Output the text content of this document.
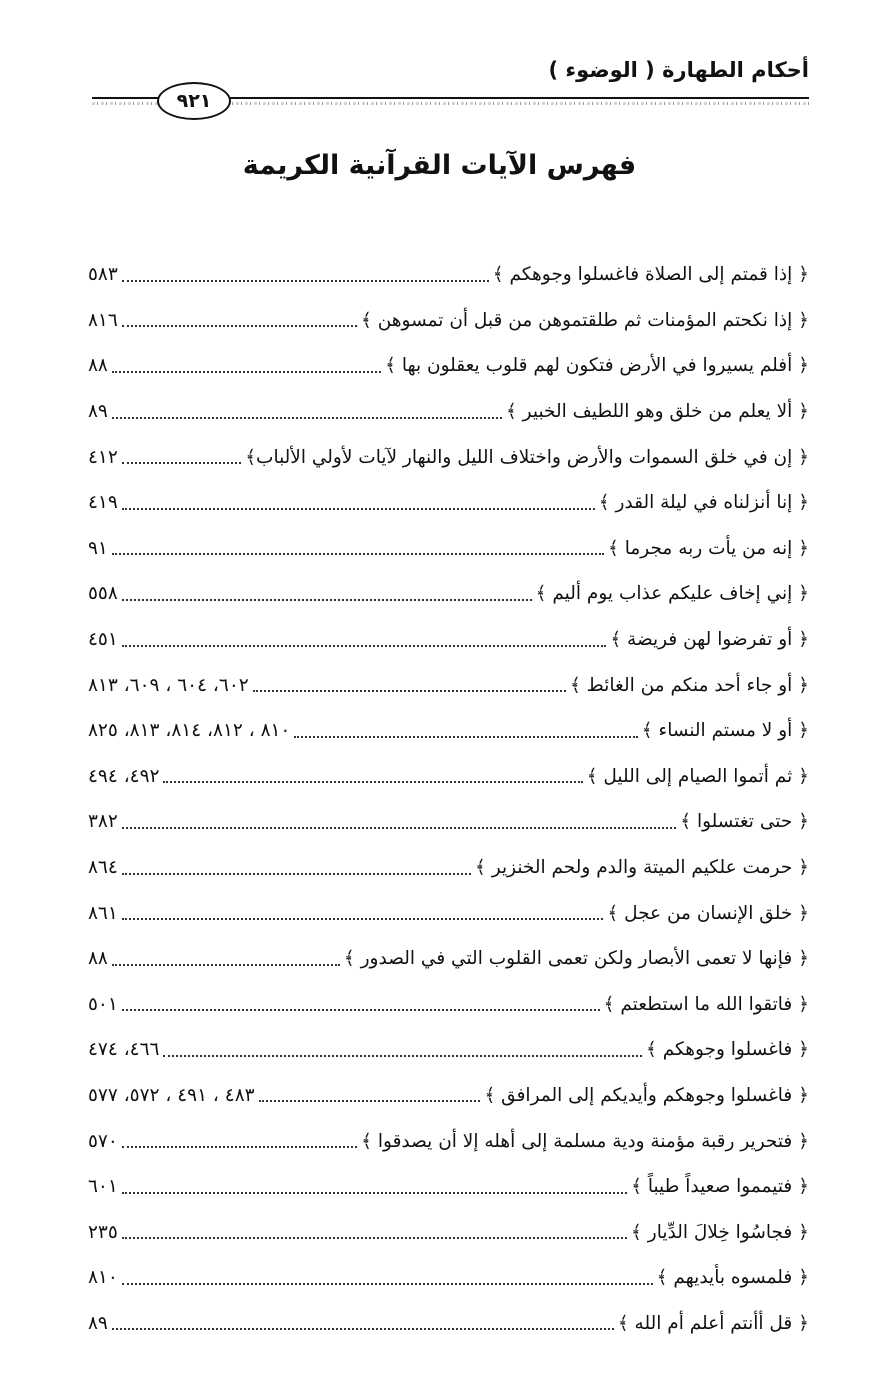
أحكام الطهارة ( الوضوء )
٩٢١
فهرس الآيات القرآنية الكريمة
﴿ إذا قمتم إلى الصلاة فاغسلوا وجوهكم ﴾
٥٨٣
﴿ إذا نكحتم المؤمنات ثم طلقتموهن من قبل أن تمسوهن ﴾
٨١٦
﴿ أفلم يسيروا في الأرض فتكون لهم قلوب يعقلون بها ﴾
٨٨
﴿ ألا يعلم من خلق وهو اللطيف الخبير ﴾
٨٩
﴿ إن في خلق السموات والأرض واختلاف الليل والنهار لآيات لأولي الألباب﴾
٤١٢
﴿ إنا أنزلناه في ليلة القدر ﴾
٤١٩
﴿ إنه من يأت ربه مجرما ﴾
٩١
﴿ إني إخاف عليكم عذاب يوم أليم ﴾
٥٥٨
﴿ أو تفرضوا لهن فريضة ﴾
٤٥١
﴿ أو جاء أحد منكم من الغائط ﴾
٦٠٢، ٦٠٤ ، ٦٠٩، ٨١٣
﴿ أو لا مستم النساء ﴾
٨١٠ ، ٨١٢، ٨١٤، ٨١٣، ٨٢٥
﴿ ثم أتموا الصيام إلى الليل ﴾
٤٩٢، ٤٩٤
﴿ حتى تغتسلوا ﴾
٣٨٢
﴿ حرمت علكيم الميتة والدم ولحم الخنزير ﴾
٨٦٤
﴿ خلق الإنسان من عجل ﴾
٨٦١
﴿ فإنها لا تعمى الأبصار ولكن تعمى القلوب التي في الصدور ﴾
٨٨
﴿ فاتقوا الله ما استطعتم ﴾
٥٠١
﴿ فاغسلوا وجوهكم ﴾
٤٦٦، ٤٧٤
﴿ فاغسلوا وجوهكم وأيديكم إلى المرافق ﴾
٤٨٣ ، ٤٩١ ، ٥٧٢، ٥٧٧
﴿ فتحرير رقبة مؤمنة ودية مسلمة إلى أهله إلا أن يصدقوا ﴾
٥٧٠
﴿ فتيمموا صعيداً طيباً ﴾
٦٠١
﴿ فجاسُوا خِلالَ الدِّيار ﴾
٢٣٥
﴿ فلمسوه بأيديهم ﴾
٨١٠
﴿ قل أأنتم أعلم أم الله ﴾
٨٩
